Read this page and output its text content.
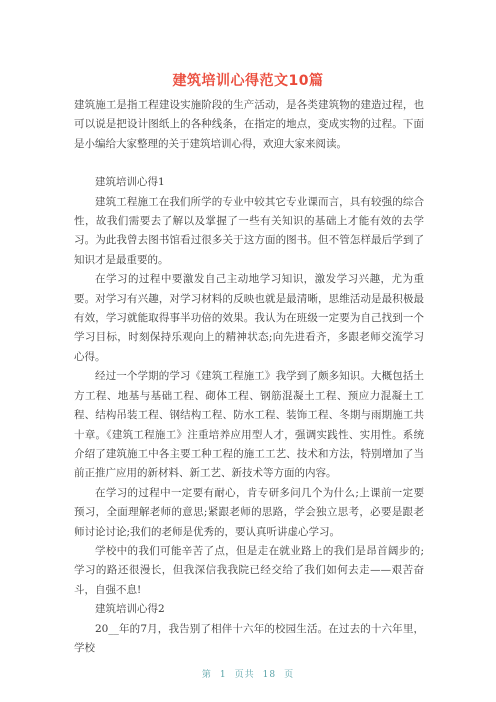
建筑培训心得范文10篇

建筑施工是指工程建设实施阶段的生产活动，是各类建筑物的建造过程，也可以说是把设计图纸上的各种线条，在指定的地点，变成实物的过程。下面是小编给大家整理的关于建筑培训心得，欢迎大家来阅读。

建筑培训心得1

建筑工程施工在我们所学的专业中较其它专业课而言，具有较强的综合性，故我们需要去了解以及掌握了一些有关知识的基础上才能有效的去学习。为此我曾去图书馆看过很多关于这方面的图书。但不管怎样最后学到了知识才是最重要的。

在学习的过程中要激发自己主动地学习知识，激发学习兴趣，尤为重要。对学习有兴趣，对学习材料的反映也就是最清晰，思维活动是最积极最有效，学习就能取得事半功倍的效果。我认为在班级一定要为自己找到一个学习目标，时刻保持乐观向上的精神状态;向先进看齐，多跟老师交流学习心得。

经过一个学期的学习《建筑工程施工》我学到了颇多知识。大概包括土方工程、地基与基础工程、砌体工程、钢筋混凝土工程、预应力混凝土工程、结构吊装工程、钢结构工程、防水工程、装饰工程、冬期与雨期施工共十章。《建筑工程施工》注重培养应用型人才，强调实践性、实用性。系统介绍了建筑施工中各主要工种工程的施工工艺、技术和方法，特别增加了当前正推广应用的新材料、新工艺、新技术等方面的内容。

在学习的过程中一定要有耐心，肯专研多问几个为什么;上课前一定要预习，全面理解老师的意思;紧跟老师的思路，学会独立思考，必要是跟老师讨论讨论;我们的老师是优秀的，要认真听讲虚心学习。

学校中的我们可能辛苦了点，但是走在就业路上的我们是昂首阔步的;学习的路还很漫长，但我深信我我院已经交给了我们如何去走——艰苦奋斗，自强不息!

建筑培训心得2

20__年的7月，我告别了相伴十六年的校园生活。在过去的十六年里，学校

第 1 页共 18 页
